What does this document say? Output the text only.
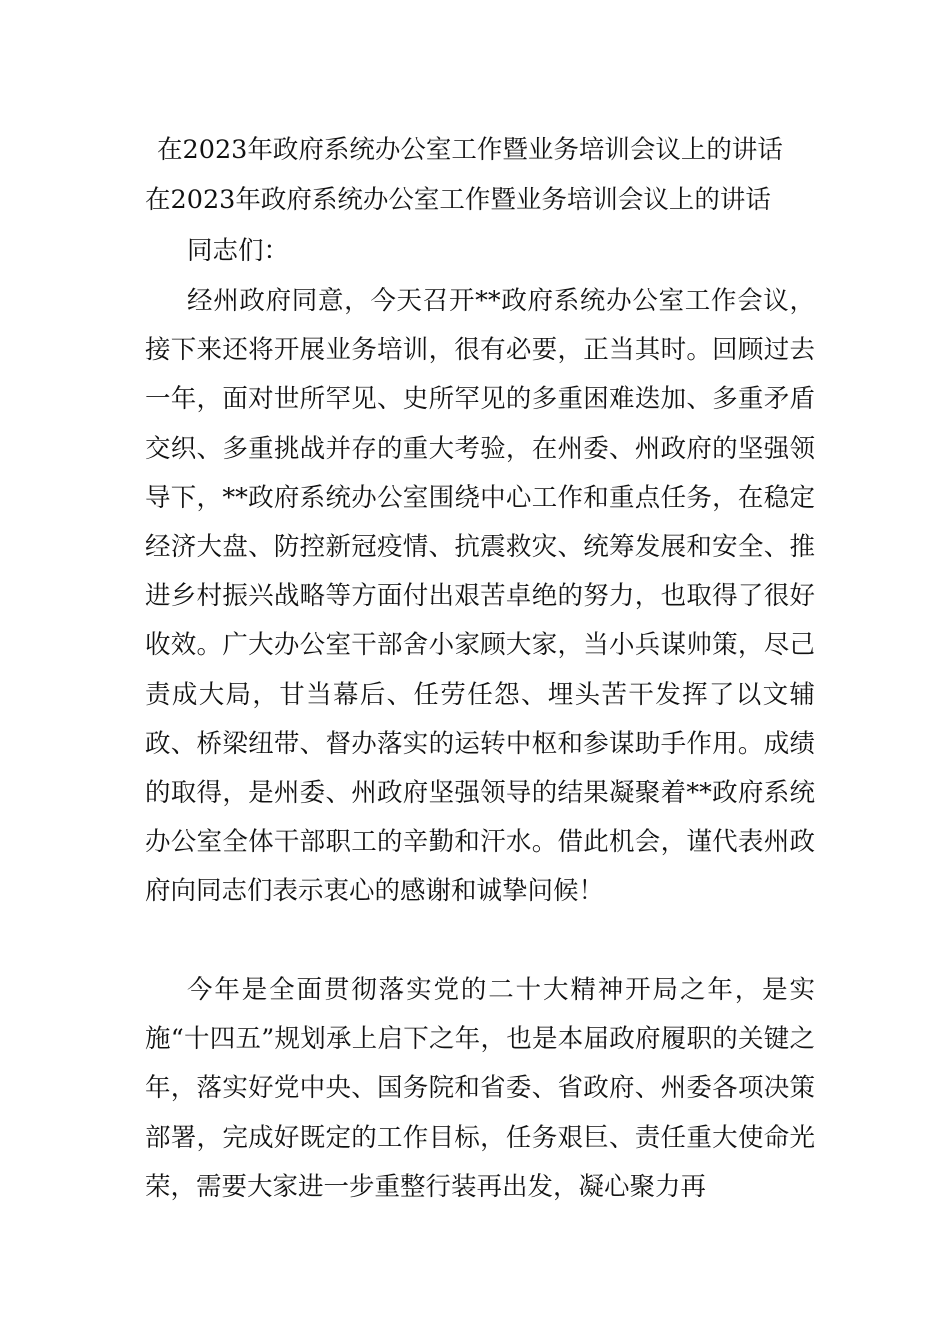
在2023年政府系统办公室工作暨业务培训会议上的讲话
在2023年政府系统办公室工作暨业务培训会议上的讲话
同志们：

经州政府同意，今天召开**政府系统办公室工作会议，接下来还将开展业务培训，很有必要，正当其时。回顾过去一年，面对世所罕见、史所罕见的多重困难迭加、多重矛盾交织、多重挑战并存的重大考验，在州委、州政府的坚强领导下，**政府系统办公室围绕中心工作和重点任务，在稳定经济大盘、防控新冠疫情、抗震救灾、统筹发展和安全、推进乡村振兴战略等方面付出艰苦卓绝的努力，也取得了很好收效。广大办公室干部舍小家顾大家，当小兵谋帅策，尽己责成大局，甘当幕后、任劳任怨、埋头苦干发挥了以文辅政、桥梁纽带、督办落实的运转中枢和参谋助手作用。成绩的取得，是州委、州政府坚强领导的结果凝聚着**政府系统办公室全体干部职工的辛勤和汗水。借此机会，谨代表州政府向同志们表示衷心的感谢和诚挚问候！

今年是全面贯彻落实党的二十大精神开局之年，是实施“十四五”规划承上启下之年，也是本届政府履职的关键之年，落实好党中央、国务院和省委、省政府、州委各项决策部署，完成好既定的工作目标，任务艰巨、责任重大使命光荣，需要大家进一步重整行装再出发，凝心聚力再
